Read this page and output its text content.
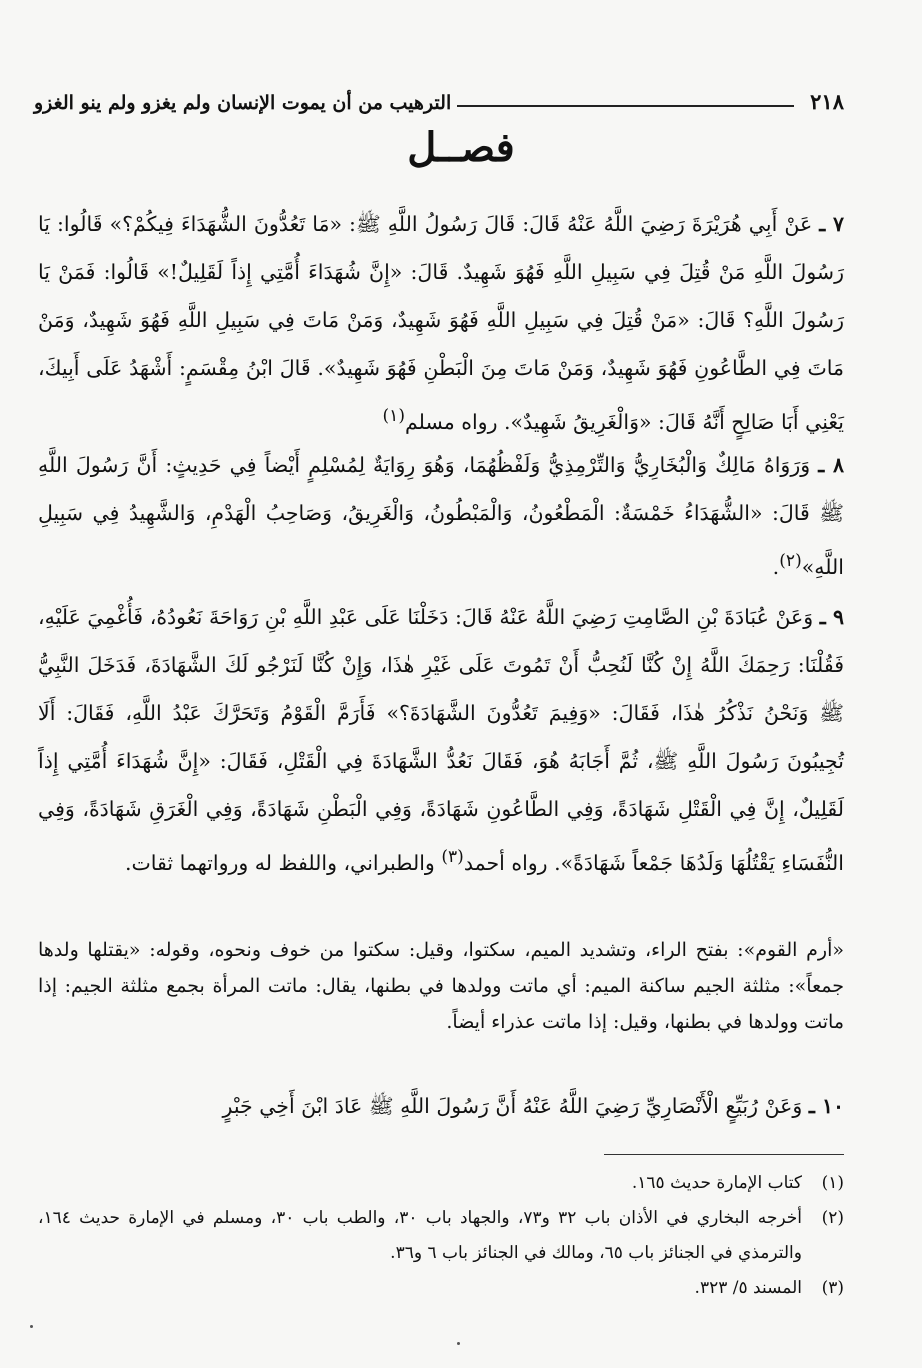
٢١٨
الترهيب من أن يموت الإنسان ولم يغزو ولم ينو الغزو
فصــل

٧ ـ عَنْ أَبِي هُرَيْرَةَ رَضِيَ اللَّهُ عَنْهُ قَالَ: قَالَ رَسُولُ اللَّهِ ﷺ: «مَا تَعُدُّونَ الشُّهَدَاءَ فِيكُمْ؟» قَالُوا: يَا رَسُولَ اللَّهِ مَنْ قُتِلَ فِي سَبِيلِ اللَّهِ فَهُوَ شَهِيدٌ. قَالَ: «إِنَّ شُهَدَاءَ أُمَّتِي إِذاً لَقَلِيلٌ!» قَالُوا: فَمَنْ يَا رَسُولَ اللَّهِ؟ قَالَ: «مَنْ قُتِلَ فِي سَبِيلِ اللَّهِ فَهُوَ شَهِيدٌ، وَمَنْ مَاتَ فِي سَبِيلِ اللَّهِ فَهُوَ شَهِيدٌ، وَمَنْ مَاتَ فِي الطَّاعُونِ فَهُوَ شَهِيدٌ، وَمَنْ مَاتَ مِنَ الْبَطْنِ فَهُوَ شَهِيدٌ». قَالَ ابْنُ مِقْسَمٍ: أَشْهَدُ عَلَى أَبِيكَ، يَعْنِي أَبَا صَالِحٍ أَنَّهُ قَالَ: «وَالْغَرِيقُ شَهِيدٌ». رواه مسلم$^{(١)}$

٨ ـ وَرَوَاهُ مَالِكٌ وَالْبُخَارِيُّ وَالتِّرْمِذِيُّ وَلَفْظُهُمَا، وَهُوَ رِوَايَةٌ لِمُسْلِمٍ أَيْضاً فِي حَدِيثٍ: أَنَّ رَسُولَ اللَّهِ ﷺ قَالَ: «الشُّهَدَاءُ خَمْسَةٌ: الْمَطْعُونُ، وَالْمَبْطُونُ، وَالْغَرِيقُ، وَصَاحِبُ الْهَدْمِ، وَالشَّهِيدُ فِي سَبِيلِ اللَّهِ»$^{(٢)}$.

٩ ـ وَعَنْ عُبَادَةَ بْنِ الصَّامِتِ رَضِيَ اللَّهُ عَنْهُ قَالَ: دَخَلْنَا عَلَى عَبْدِ اللَّهِ بْنِ رَوَاحَةَ نَعُودُهُ، فَأُغْمِيَ عَلَيْهِ، فَقُلْنَا: رَحِمَكَ اللَّهُ إِنْ كُنَّا لَنُحِبُّ أَنْ تَمُوتَ عَلَى غَيْرِ هٰذَا، وَإِنْ كُنَّا لَنَرْجُو لَكَ الشَّهَادَةَ، فَدَخَلَ النَّبِيُّ ﷺ وَنَحْنُ نَذْكُرُ هٰذَا، فَقَالَ: «وَفِيمَ تَعُدُّونَ الشَّهَادَةَ؟» فَأَرَمَّ الْقَوْمُ وَتَحَرَّكَ عَبْدُ اللَّهِ، فَقَالَ: أَلَا تُجِيبُونَ رَسُولَ اللَّهِ ﷺ، ثُمَّ أَجَابَهُ هُوَ، فَقَالَ نَعُدُّ الشَّهَادَةَ فِي الْقَتْلِ، فَقَالَ: «إِنَّ شُهَدَاءَ أُمَّتِي إِذاً لَقَلِيلٌ، إِنَّ فِي الْقَتْلِ شَهَادَةً، وَفِي الطَّاعُونِ شَهَادَةً، وَفِي الْبَطْنِ شَهَادَةً، وَفِي الْغَرَقِ شَهَادَةً، وَفِي النُّفَسَاءِ يَقْتُلُهَا وَلَدُهَا جَمْعاً شَهَادَةً». رواه أحمد$^{(٣)}$ والطبراني، واللفظ له ورواتهما ثقات.

«أرم القوم»: بفتح الراء، وتشديد الميم، سكتوا، وقيل: سكتوا من خوف ونحوه، وقوله: «يقتلها ولدها جمعاً»: مثلثة الجيم ساكنة الميم: أي ماتت وولدها في بطنها، يقال: ماتت المرأة بجمع مثلثة الجيم: إذا ماتت وولدها في بطنها، وقيل: إذا ماتت عذراء أيضاً.

١٠ ـ وَعَنْ رُبَيِّعٍ الْأَنْصَارِيِّ رَضِيَ اللَّهُ عَنْهُ أَنَّ رَسُولَ اللَّهِ ﷺ عَادَ ابْنَ أَخِي جَبْرٍ

(١)
كتاب الإمارة حديث ١٦٥.
(٢)
أخرجه البخاري في الأذان باب ٣٢ و٧٣، والجهاد باب ٣٠، والطب باب ٣٠، ومسلم في الإمارة حديث ١٦٤، والترمذي في الجنائز باب ٦٥، ومالك في الجنائز باب ٦ و٣٦.
(٣)
المسند ٥/ ٣٢٣.
